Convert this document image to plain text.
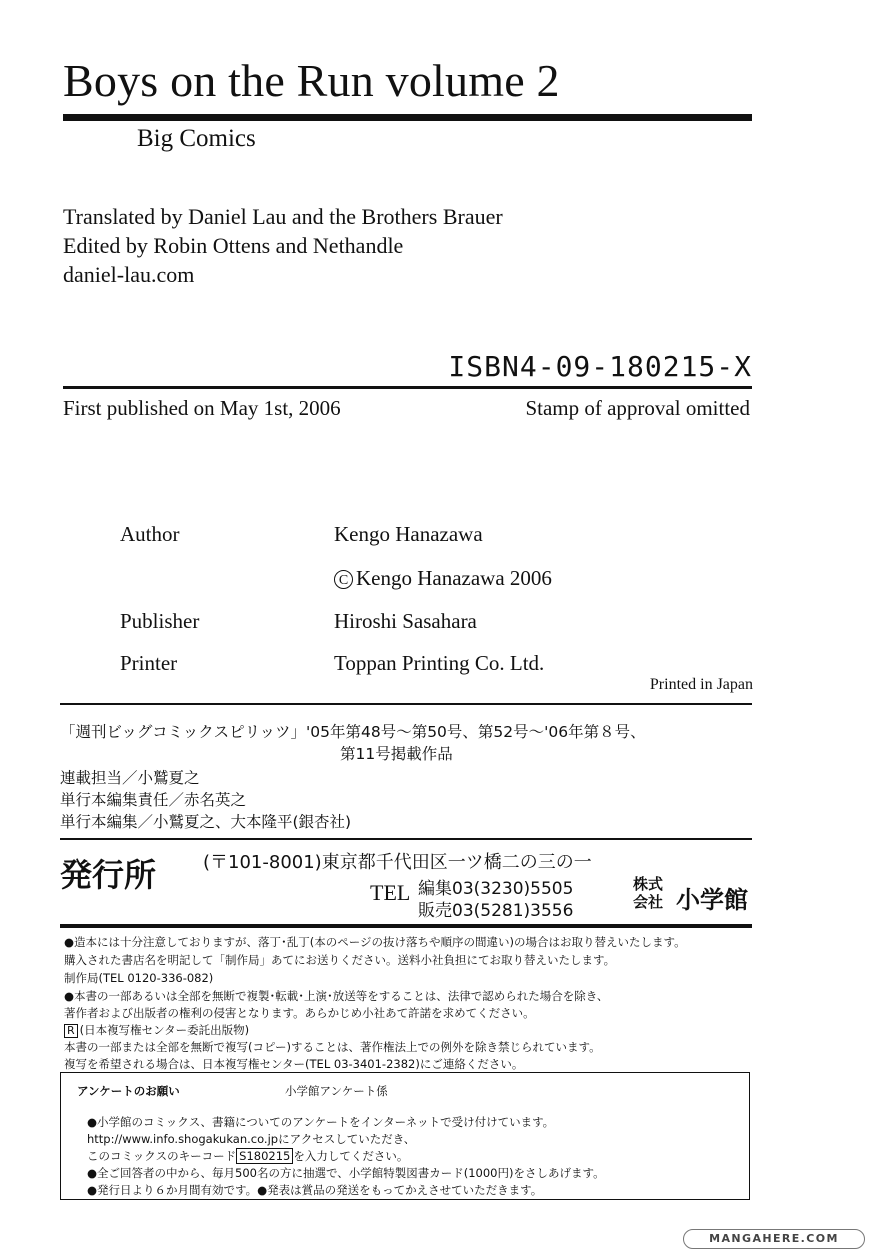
Boys on the Run volume 2
Big Comics
Translated by Daniel Lau and the Brothers Brauer
Edited by Robin Ottens and Nethandle
daniel-lau.com
ISBN4-09-180215-X
First published on May 1st, 2006	Stamp of approval omitted
Author	Kengo Hanazawa
C Kengo Hanazawa 2006
Publisher	Hiroshi Sasahara
Printer	Toppan Printing Co. Ltd.
Printed in Japan
「週刊ビッグコミックスピリッツ」'05年第48号～第50号、第52号～'06年第８号、
第11号掲載作品
連載担当／小鷲夏之
単行本編集責任／赤名英之
単行本編集／小鷲夏之、大本隆平(銀杏社)
発行所	(〒101-8001)東京都千代田区一ツ橋二の三の一
TEL 編集03(3230)5505
販売03(5281)3556
株式
会社 小学館
●造本には十分注意しておりますが、落丁･乱丁(本のページの抜け落ちや順序の間違い)の場合はお取り替えいたします。
購入された書店名を明記して「制作局」あてにお送りください。送料小社負担にてお取り替えいたします。
制作局(TEL 0120-336-082)
●本書の一部あるいは全部を無断で複製･転載･上演･放送等をすることは、法律で認められた場合を除き、
著作者および出版者の権利の侵害となります。あらかじめ小社あて許諾を求めてください。
R (日本複写権センター委託出版物)
本書の一部または全部を無断で複写(コピー)することは、著作権法上での例外を除き禁じられています。
複写を希望される場合は、日本複写権センター(TEL 03-3401-2382)にご連絡ください。
アンケートのお願い	小学館アンケート係
●小学館のコミックス、書籍についてのアンケートをインターネットで受け付けています。
http://www.info.shogakukan.co.jpにアクセスしていただき、
このコミックスのキーコード S180215 を入力してください。
●全ご回答者の中から、毎月500名の方に抽選で、小学館特製図書カード(1000円)をさしあげます。
●発行日より６か月間有効です。●発表は賞品の発送をもってかえさせていただきます。
MANGAHERE.COM
